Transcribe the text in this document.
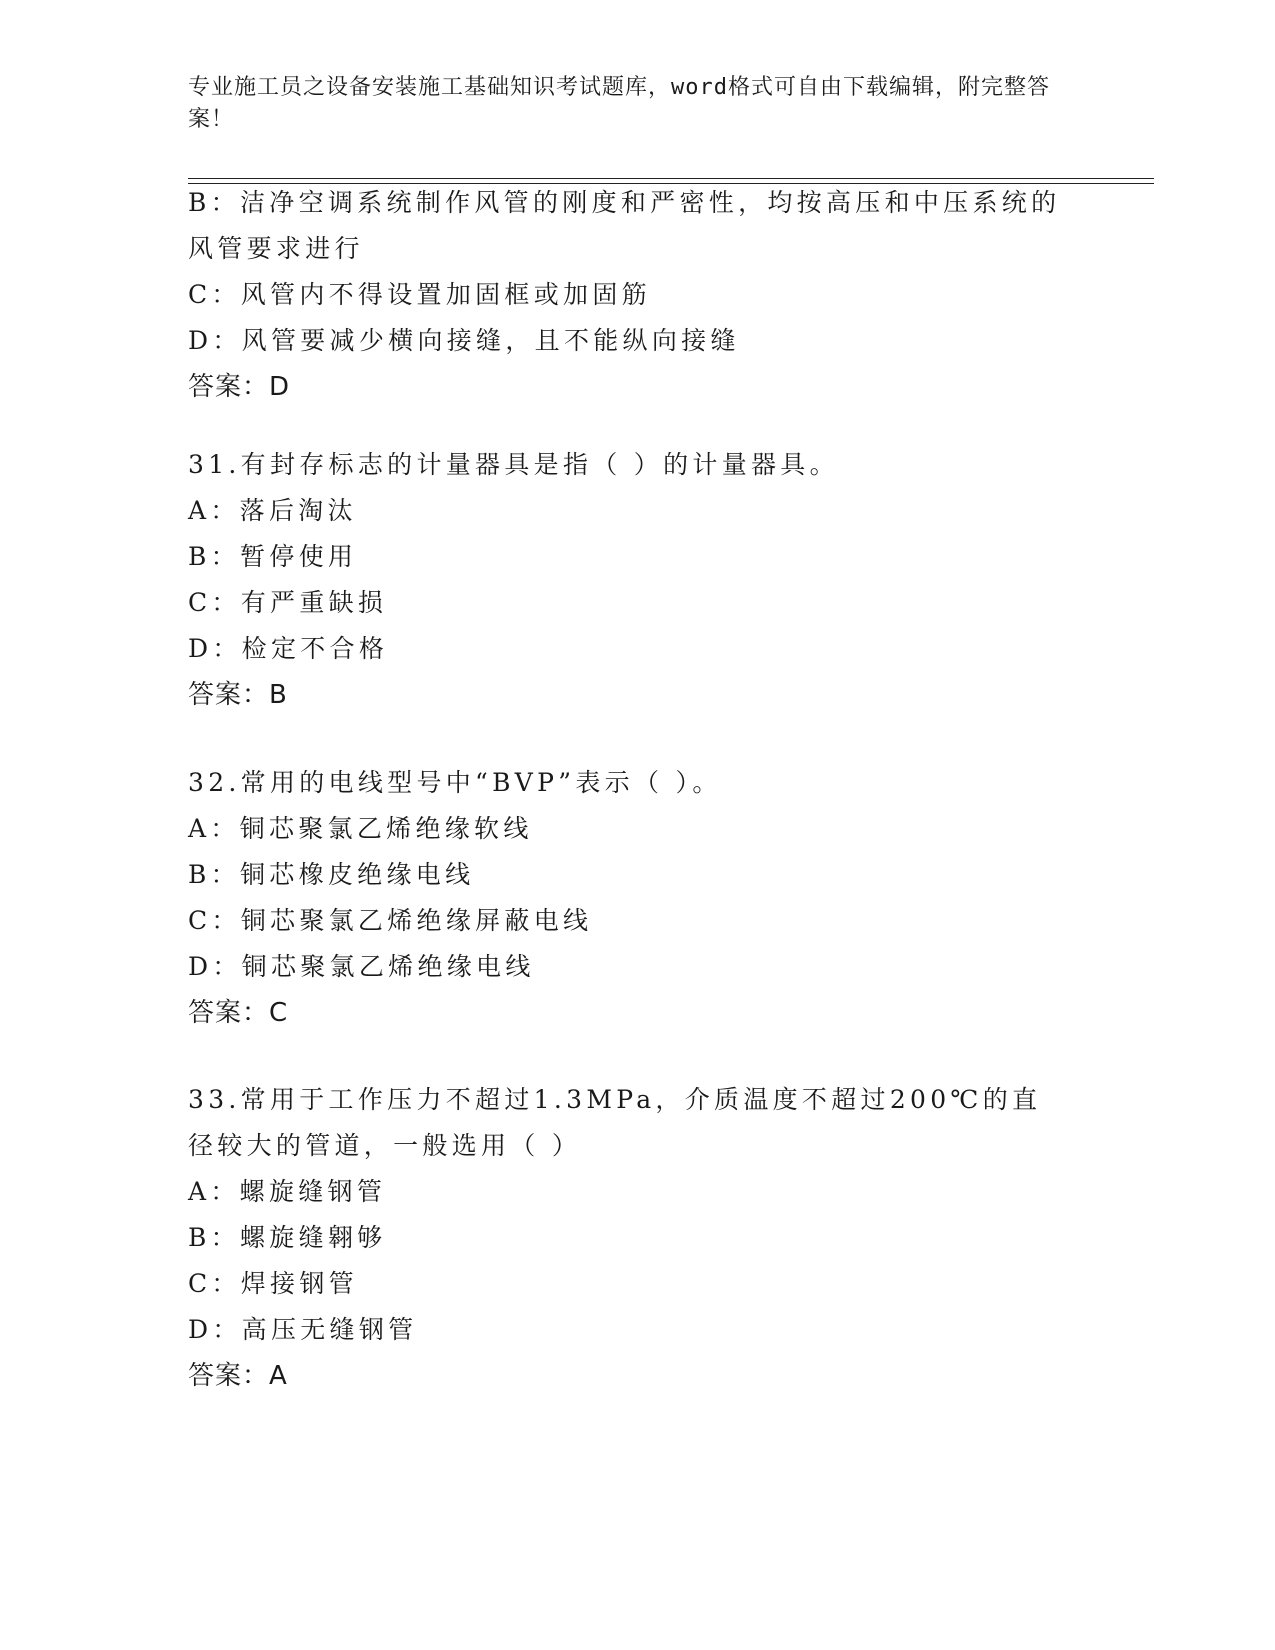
专业施工员之设备安装施工基础知识考试题库，word格式可自由下载编辑，附完整答案！
B：洁净空调系统制作风管的刚度和严密性，均按高压和中压系统的风管要求进行
C：风管内不得设置加固框或加固筋
D：风管要减少横向接缝，且不能纵向接缝
答案：D
31.有封存标志的计量器具是指（ ）的计量器具。
A：落后淘汰
B：暂停使用
C：有严重缺损
D：检定不合格
答案：B
32.常用的电线型号中“BVP”表示（ ）。
A：铜芯聚氯乙烯绝缘软线
B：铜芯橡皮绝缘电线
C：铜芯聚氯乙烯绝缘屏蔽电线
D：铜芯聚氯乙烯绝缘电线
答案：C
33.常用于工作压力不超过1.3MPa，介质温度不超过200℃的直径较大的管道，一般选用（ ）
A：螺旋缝钢管
B：螺旋缝翱够
C：焊接钢管
D：高压无缝钢管
答案：A
